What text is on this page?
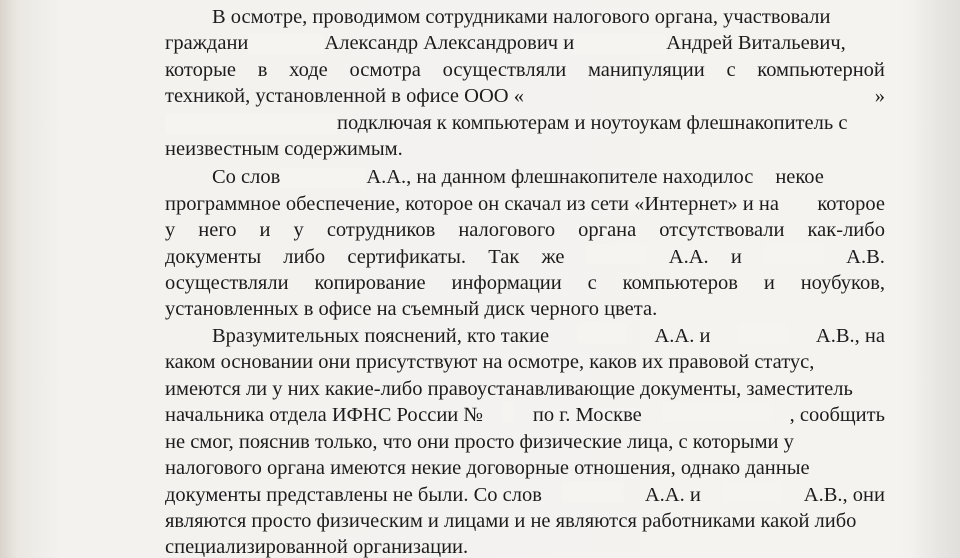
В осмотре, проводимом сотрудниками налогового органа, участвовали
граждани	Александр Александрович и	Андрей Витальевич,
которые в ходе осмотра осуществляли манипуляции с компьютерной
техникой, установленной в офисе ООО «	»
подключая к компьютерам и ноутоукам флешнакопитель с
неизвестным содержимым.
Со слов	А.А., на данном флешнакопителе находилос некое
программное обеспечение, которое он скачал из сети «Интернет» и на которое
у него и у сотрудников налогового органа отсутствовали как-либо
документы либо сертификаты. Так же	А.А. и	А.В.
осуществляли копирование информации с компьютеров и ноубуков,
установленных в офисе на съемный диск черного цвета.
Вразумительных пояснений, кто такие	А.А. и	А.В., на
каком основании они присутствуют на осмотре, каков их правовой статус,
имеются ли у них какие-либо правоустанавливающие документы, заместитель
начальника отдела ИФНС России № по г. Москве	, сообщить
не смог, пояснив только, что они просто физические лица, с которыми у
налогового органа имеются некие договорные отношения, однако данные
документы представлены не были. Со слов	А.А. и	А.В., они
являются просто физическим и лицами и не являются работниками какой либо
специализированной организации.
